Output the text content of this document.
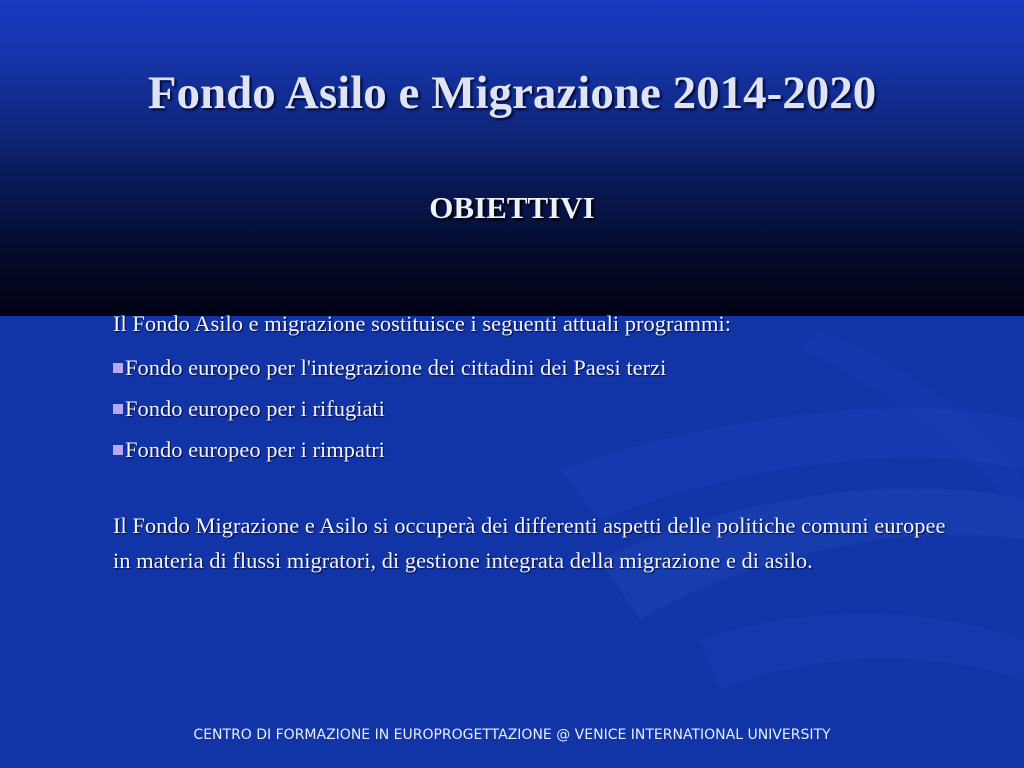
Fondo Asilo e Migrazione 2014-2020
OBIETTIVI

Il Fondo Asilo e migrazione sostituisce i seguenti attuali programmi:

Fondo europeo per l'integrazione dei cittadini dei Paesi terzi
Fondo europeo per i rifugiati
Fondo europeo per i rimpatri

Il Fondo Migrazione e Asilo si occuperà dei differenti aspetti delle politiche comuni europee in materia di flussi migratori, di gestione integrata della migrazione e di asilo.

CENTRO DI FORMAZIONE IN EUROPROGETTAZIONE @ VENICE INTERNATIONAL UNIVERSITY
